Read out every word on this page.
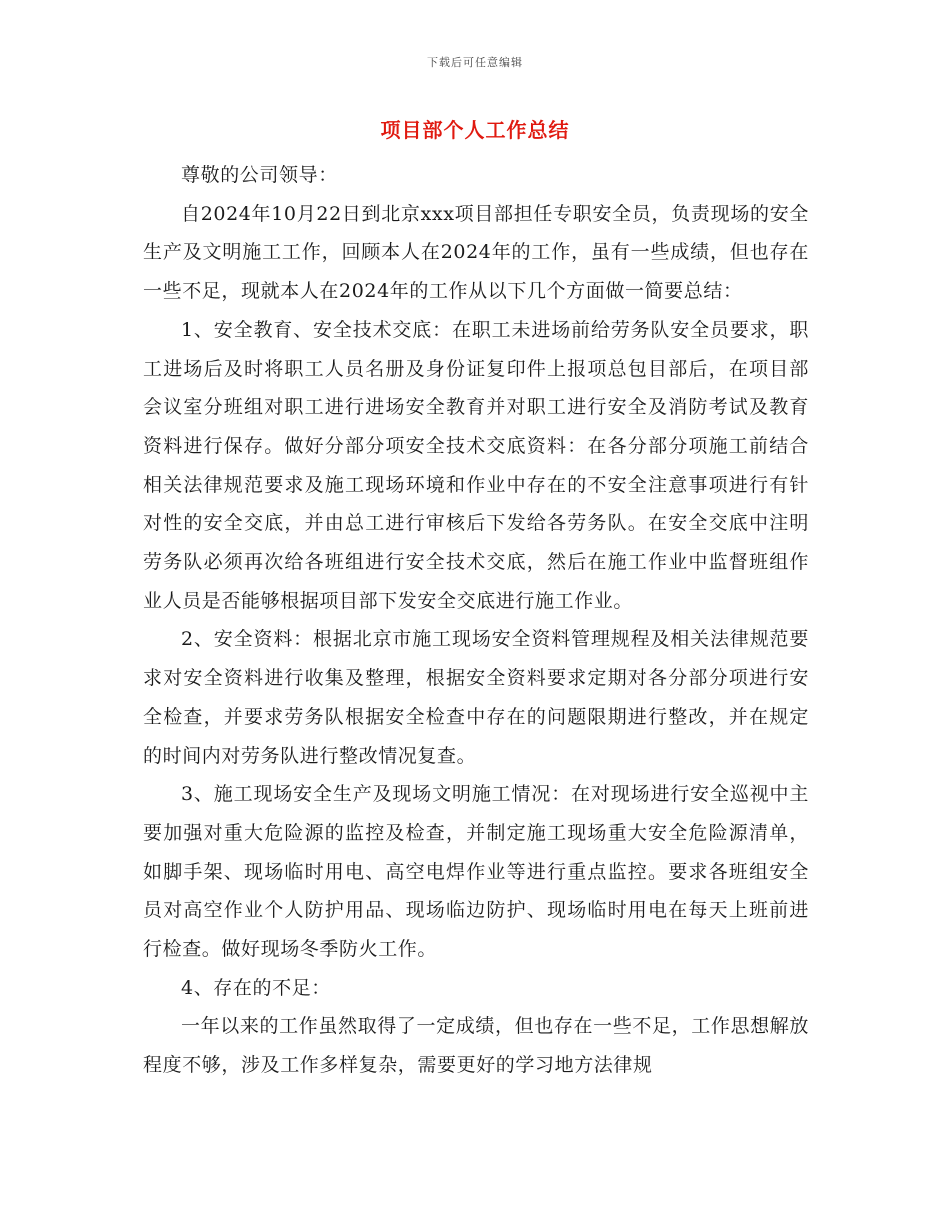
下载后可任意编辑
项目部个人工作总结

尊敬的公司领导：

自2024年10月22日到北京xxx项目部担任专职安全员，负责现场的安全生产及文明施工工作，回顾本人在2024年的工作，虽有一些成绩，但也存在一些不足，现就本人在2024年的工作从以下几个方面做一简要总结：

1、安全教育、安全技术交底：在职工未进场前给劳务队安全员要求，职工进场后及时将职工人员名册及身份证复印件上报项总包目部后，在项目部会议室分班组对职工进行进场安全教育并对职工进行安全及消防考试及教育资料进行保存。做好分部分项安全技术交底资料：在各分部分项施工前结合相关法律规范要求及施工现场环境和作业中存在的不安全注意事项进行有针对性的安全交底，并由总工进行审核后下发给各劳务队。在安全交底中注明劳务队必须再次给各班组进行安全技术交底，然后在施工作业中监督班组作业人员是否能够根据项目部下发安全交底进行施工作业。

2、安全资料：根据北京市施工现场安全资料管理规程及相关法律规范要求对安全资料进行收集及整理，根据安全资料要求定期对各分部分项进行安全检查，并要求劳务队根据安全检查中存在的问题限期进行整改，并在规定的时间内对劳务队进行整改情况复查。

3、施工现场安全生产及现场文明施工情况：在对现场进行安全巡视中主要加强对重大危险源的监控及检查，并制定施工现场重大安全危险源清单，如脚手架、现场临时用电、高空电焊作业等进行重点监控。要求各班组安全员对高空作业个人防护用品、现场临边防护、现场临时用电在每天上班前进行检查。做好现场冬季防火工作。

4、存在的不足：

一年以来的工作虽然取得了一定成绩，但也存在一些不足，工作思想解放程度不够，涉及工作多样复杂，需要更好的学习地方法律规
